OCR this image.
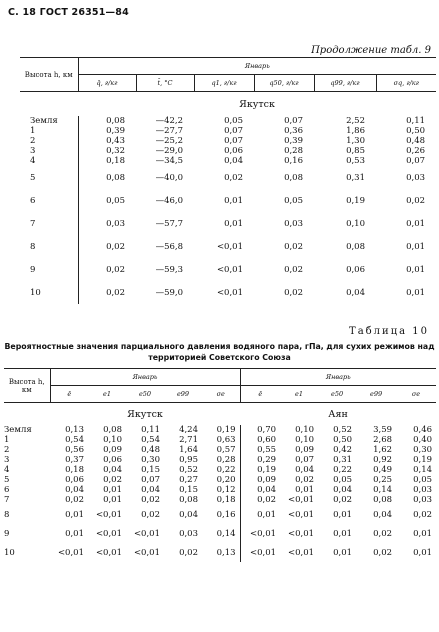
С. 18 ГОСТ 26351—84
Продолжение табл. 9
Высота h, км	Январь					
	q̄, г/кг	t̄, °С	q1, г/кг	q50, г/кг	q99, г/кг	σq, г/кг
	Якутск					
Земля	0,08	—42,2	0,05	0,07	2,52	0,11
1	0,39	—27,7	0,07	0,36	1,86	0,50
2	0,43	—25,2	0,07	0,39	1,30	0,48
3	0,32	—29,0	0,06	0,28	0,85	0,26
4	0,18	—34,5	0,04	0,16	0,53	0,07
5	0,08	—40,0	0,02	0,08	0,31	0,03
6	0,05	—46,0	0,01	0,05	0,19	0,02
7	0,03	—57,7	0,01	0,03	0,10	0,01
8	0,02	—56,8	<0,01	0,02	0,08	0,01
9	0,02	—59,3	<0,01	0,02	0,06	0,01
10	0,02	—59,0	<0,01	0,02	0,04	0,01
Таблица 10
Вероятностные значения парциального давления водяного пара, гПа, для сухих режимов над территорией Советского Союза
Высота h, км	Январь					Январь				
	ē	e1	e50	e99	σe	ē	e1	e50	e99	σe
	Якутск					Аян				
Земля	0,13	0,08	0,11	4,24	0,19	0,70	0,10	0,52	3,59	0,46
1	0,54	0,10	0,54	2,71	0,63	0,60	0,10	0,50	2,68	0,40
2	0,56	0,09	0,48	1,64	0,57	0,55	0,09	0,42	1,62	0,30
3	0,37	0,06	0,30	0,95	0,28	0,29	0,07	0,31	0,92	0,19
4	0,18	0,04	0,15	0,52	0,22	0,19	0,04	0,22	0,49	0,14
5	0,06	0,02	0,07	0,27	0,20	0,09	0,02	0,05	0,25	0,05
6	0,04	0,01	0,04	0,15	0,12	0,04	0,01	0,04	0,14	0,03
7	0,02	0,01	0,02	0,08	0,18	0,02	<0,01	0,02	0,08	0,03
8	0,01	<0,01	0,02	0,04	0,16	0,01	<0,01	0,01	0,04	0,02
9	0,01	<0,01	<0,01	0,03	0,14	<0,01	<0,01	0,01	0,02	0,01
10	<0,01	<0,01	<0,01	0,02	0,13	<0,01	<0,01	0,01	0,02	0,01
